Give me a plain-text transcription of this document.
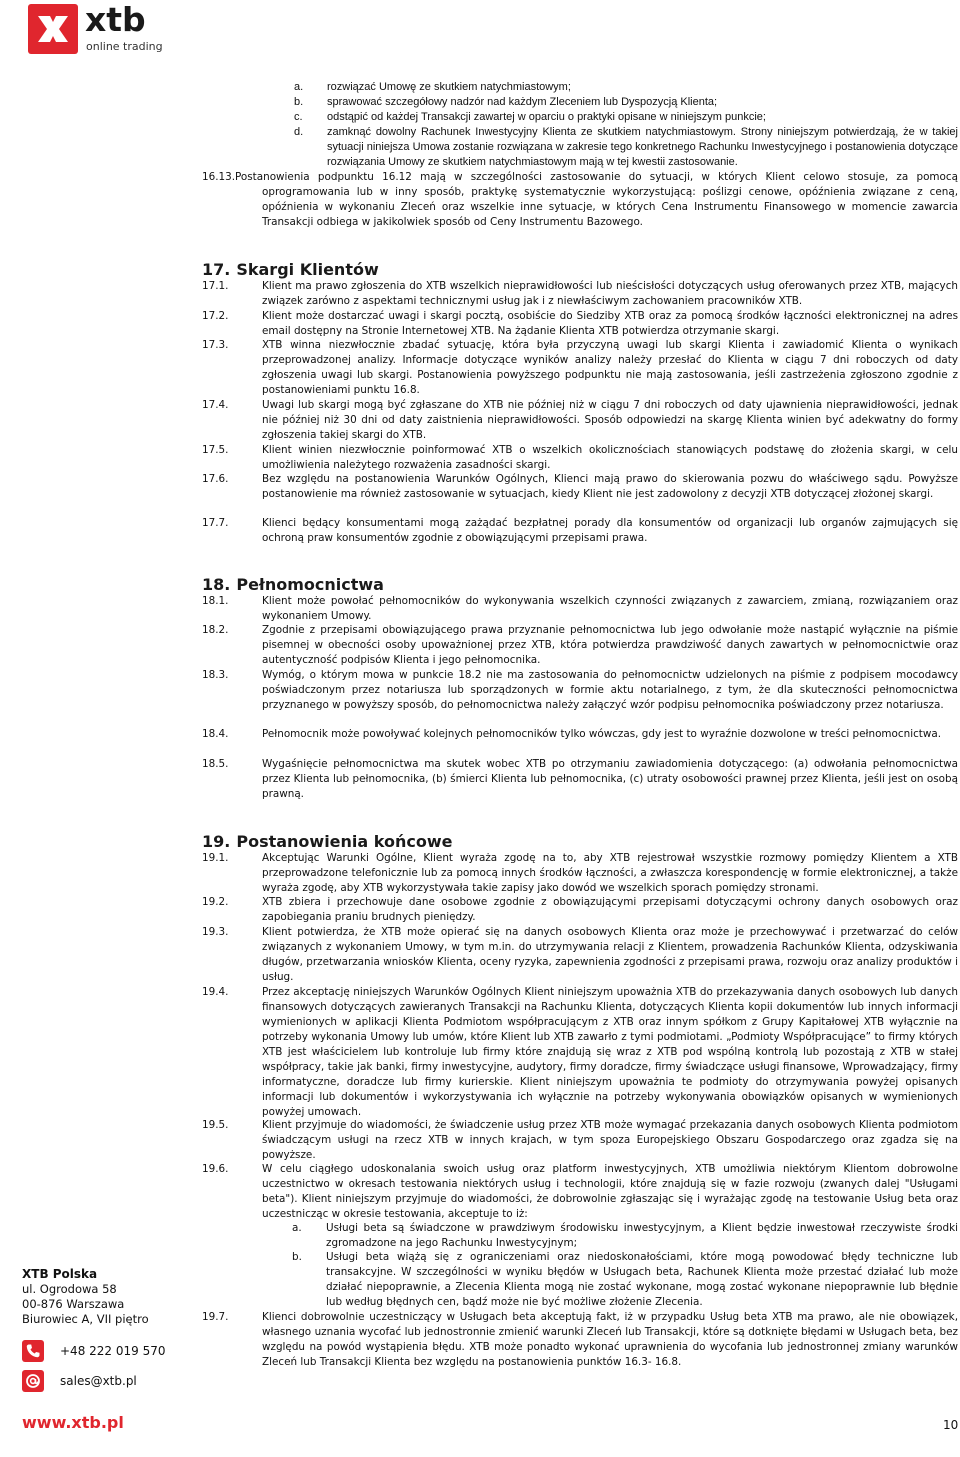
xtb
online trading
a. rozwiązać Umowę ze skutkiem natychmiastowym;
b. sprawować szczegółowy nadzór nad każdym Zleceniem lub Dyspozycją Klienta;
c. odstąpić od każdej Transakcji zawartej w oparciu o praktyki opisane w niniejszym punkcie;
d. zamknąć dowolny Rachunek Inwestycyjny Klienta ze skutkiem natychmiastowym. Strony niniejszym potwierdzają, że w takiej sytuacji niniejsza Umowa zostanie rozwiązana w zakresie tego konkretnego Rachunku Inwestycyjnego i postanowienia dotyczące rozwiązania Umowy ze skutkiem natychmiastowym mają w tej kwestii zastosowanie.
16.13. Postanowienia podpunktu 16.12 mają w szczególności zastosowanie do sytuacji, w których Klient celowo stosuje, za pomocą oprogramowania lub w inny sposób, praktykę systematycznie wykorzystującą: poślizgi cenowe, opóźnienia związane z ceną, opóźnienia w wykonaniu Zleceń oraz wszelkie inne sytuacje, w których Cena Instrumentu Finansowego w momencie zawarcia Transakcji odbiega w jakikolwiek sposób od Ceny Instrumentu Bazowego.
17. Skargi Klientów
17.1.	Klient ma prawo zgłoszenia do XTB wszelkich nieprawidłowości lub nieścisłości dotyczących usług oferowanych przez XTB, mających związek zarówno z aspektami technicznymi usług jak i z niewłaściwym zachowaniem pracowników XTB.
17.2.	Klient może dostarczać uwagi i skargi pocztą, osobiście do Siedziby XTB oraz za pomocą środków łączności elektronicznej na adres email dostępny na Stronie Internetowej XTB. Na żądanie Klienta XTB potwierdza otrzymanie skargi.
17.3.	XTB winna niezwłocznie zbadać sytuację, która była przyczyną uwagi lub skargi Klienta i zawiadomić Klienta o wynikach przeprowadzonej analizy. Informacje dotyczące wyników analizy należy przesłać do Klienta w ciągu 7 dni roboczych od daty zgłoszenia uwagi lub skargi. Postanowienia powyższego podpunktu nie mają zastosowania, jeśli zastrzeżenia zgłoszono zgodnie z postanowieniami punktu 16.8.
17.4.	Uwagi lub skargi mogą być zgłaszane do XTB nie później niż w ciągu 7 dni roboczych od daty ujawnienia nieprawidłowości, jednak nie później niż 30 dni od daty zaistnienia nieprawidłowości. Sposób odpowiedzi na skargę Klienta winien być adekwatny do formy zgłoszenia takiej skargi do XTB.
17.5.	Klient winien niezwłocznie poinformować XTB o wszelkich okolicznościach stanowiących podstawę do złożenia skargi, w celu umożliwienia należytego rozważenia zasadności skargi.
17.6.	Bez względu na postanowienia Warunków Ogólnych, Klienci mają prawo do skierowania pozwu do właściwego sądu. Powyższe postanowienie ma również zastosowanie w sytuacjach, kiedy Klient nie jest zadowolony z decyzji XTB dotyczącej złożonej skargi.
17.7.	Klienci będący konsumentami mogą zażądać bezpłatnej porady dla konsumentów od organizacji lub organów zajmujących się ochroną praw konsumentów zgodnie z obowiązującymi przepisami prawa.
18. Pełnomocnictwa
18.1.	Klient może powołać pełnomocników do wykonywania wszelkich czynności związanych z zawarciem, zmianą, rozwiązaniem oraz wykonaniem Umowy.
18.2.	Zgodnie z przepisami obowiązującego prawa przyznanie pełnomocnictwa lub jego odwołanie może nastąpić wyłącznie na piśmie pisemnej w obecności osoby upoważnionej przez XTB, która potwierdza prawdziwość danych zawartych w pełnomocnictwie oraz autentyczność podpisów Klienta i jego pełnomocnika.
18.3.	Wymóg, o którym mowa w punkcie 18.2 nie ma zastosowania do pełnomocnictw udzielonych na piśmie z podpisem mocodawcy poświadczonym przez notariusza lub sporządzonych w formie aktu notarialnego, z tym, że dla skuteczności pełnomocnictwa przyznanego w powyższy sposób, do pełnomocnictwa należy załączyć wzór podpisu pełnomocnika poświadczony przez notariusza.
18.4.	Pełnomocnik może powoływać kolejnych pełnomocników tylko wówczas, gdy jest to wyraźnie dozwolone w treści pełnomocnictwa.
18.5.	Wygaśnięcie pełnomocnictwa ma skutek wobec XTB po otrzymaniu zawiadomienia dotyczącego: (a) odwołania pełnomocnictwa przez Klienta lub pełnomocnika, (b) śmierci Klienta lub pełnomocnika, (c) utraty osobowości prawnej przez Klienta, jeśli jest on osobą prawną.
19. Postanowienia końcowe
19.1.	Akceptując Warunki Ogólne, Klient wyraża zgodę na to, aby XTB rejestrował wszystkie rozmowy pomiędzy Klientem a XTB przeprowadzone telefonicznie lub za pomocą innych środków łączności, a zwłaszcza korespondencję w formie elektronicznej, a także wyraża zgodę, aby XTB wykorzystywała takie zapisy jako dowód we wszelkich sporach pomiędzy stronami.
19.2.	XTB zbiera i przechowuje dane osobowe zgodnie z obowiązującymi przepisami dotyczącymi ochrony danych osobowych oraz zapobiegania praniu brudnych pieniędzy.
19.3.	Klient potwierdza, że XTB może opierać się na danych osobowych Klienta oraz może je przechowywać i przetwarzać do celów związanych z wykonaniem Umowy, w tym m.in. do utrzymywania relacji z Klientem, prowadzenia Rachunków Klienta, odzyskiwania długów, przetwarzania wniosków Klienta, oceny ryzyka, zapewnienia zgodności z przepisami prawa, rozwoju oraz analizy produktów i usług.
19.4.	Przez akceptację niniejszych Warunków Ogólnych Klient niniejszym upoważnia XTB do przekazywania danych osobowych lub danych finansowych dotyczących zawieranych Transakcji na Rachunku Klienta, dotyczących Klienta kopii dokumentów lub innych informacji wymienionych w aplikacji Klienta Podmiotom współpracującym z XTB oraz innym spółkom z Grupy Kapitałowej XTB wyłącznie na potrzeby wykonania Umowy lub umów, które Klient lub XTB zawarło z tymi podmiotami. „Podmioty Współpracujące” to firmy których XTB jest właścicielem lub kontroluje lub firmy które znajdują się wraz z XTB pod wspólną kontrolą lub pozostają z XTB w stałej współpracy, takie jak banki, firmy inwestycyjne, audytory, firmy doradcze, firmy świadczące usługi finansowe, Wprowadzający, firmy informatyczne, doradcze lub firmy kurierskie. Klient niniejszym upoważnia te podmioty do otrzymywania powyżej opisanych informacji lub dokumentów i wykorzystywania ich wyłącznie na potrzeby wykonywania obowiązków opisanych w wymienionych powyżej umowach.
19.5.	Klient przyjmuje do wiadomości, że świadczenie usług przez XTB może wymagać przekazania danych osobowych Klienta podmiotom świadczącym usługi na rzecz XTB w innych krajach, w tym spoza Europejskiego Obszaru Gospodarczego oraz zgadza się na powyższe.
19.6.	W celu ciągłego udoskonalania swoich usług oraz platform inwestycyjnych, XTB umożliwia niektórym Klientom dobrowolne uczestnictwo w okresach testowania niektórych usług i technologii, które znajdują się w fazie rozwoju (zwanych dalej "Usługami beta"). Klient niniejszym przyjmuje do wiadomości, że dobrowolnie zgłaszając się i wyrażając zgodę na testowanie Usług beta oraz uczestnicząc w okresie testowania, akceptuje to iż:
a. Usługi beta są świadczone w prawdziwym środowisku inwestycyjnym, a Klient będzie inwestował rzeczywiste środki zgromadzone na jego Rachunku Inwestycyjnym;
b. Usługi beta wiążą się z ograniczeniami oraz niedoskonałościami, które mogą powodować błędy techniczne lub transakcyjne. W szczególności w wyniku błędów w Usługach beta, Rachunek Klienta może przestać działać lub może działać niepoprawnie, a Zlecenia Klienta mogą nie zostać wykonane, mogą zostać wykonane niepoprawnie lub błędnie lub według błędnych cen, bądź może nie być możliwe złożenie Zlecenia.
19.7.	Klienci dobrowolnie uczestniczący w Usługach beta akceptują fakt, iż w przypadku Usług beta XTB ma prawo, ale nie obowiązek, własnego uznania wycofać lub jednostronnie zmienić warunki Zleceń lub Transakcji, które są dotknięte błędami w Usługach beta, bez względu na powód wystąpienia błędu. XTB może ponadto wykonać uprawnienia do wycofania lub jednostronnej zmiany warunków Zleceń lub Transakcji Klienta bez względu na postanowienia punktów 16.3- 16.8.
XTB Polska
ul. Ogrodowa 58
00-876 Warszawa
Biurowiec A, VII piętro
+48 222 019 570
sales@xtb.pl
www.xtb.pl	10
